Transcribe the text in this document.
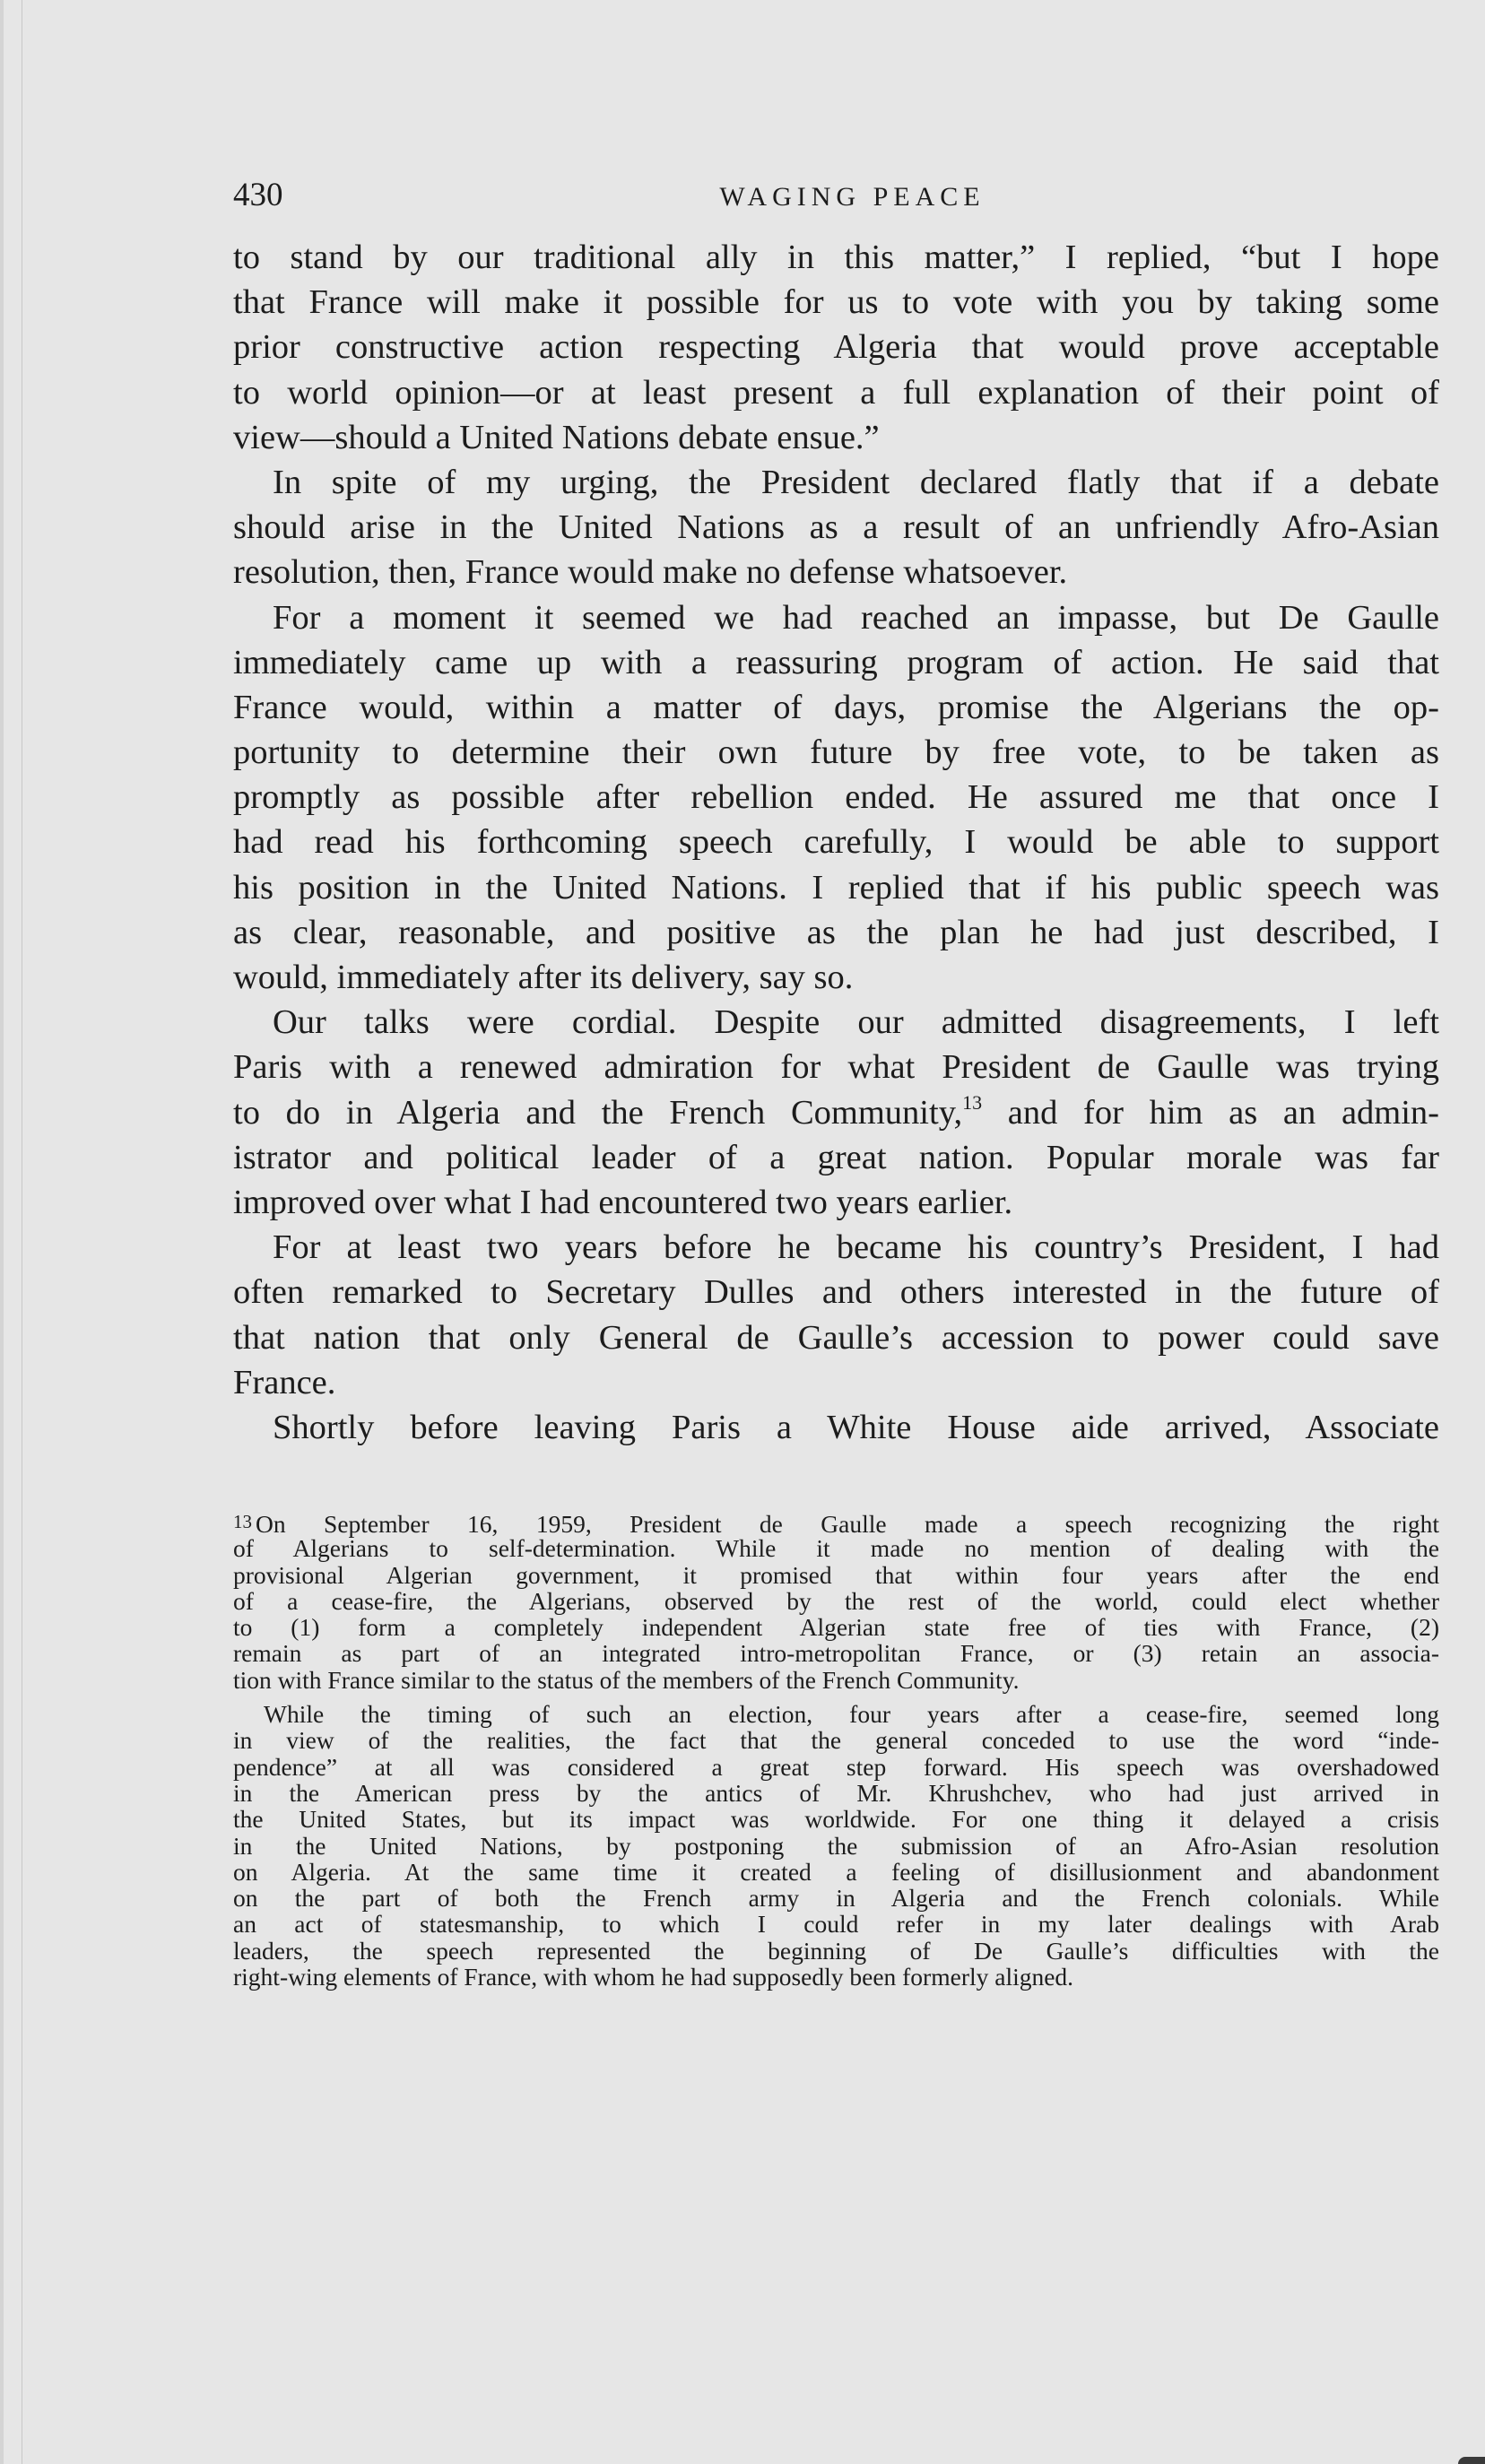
430	WAGING PEACE
to stand by our traditional ally in this matter,” I replied, “but I hope
that France will make it possible for us to vote with you by taking some
prior constructive action respecting Algeria that would prove acceptable
to world opinion—or at least present a full explanation of their point of
view—should a United Nations debate ensue.”
In spite of my urging, the President declared flatly that if a debate
should arise in the United Nations as a result of an unfriendly Afro-Asian
resolution, then, France would make no defense whatsoever.
For a moment it seemed we had reached an impasse, but De Gaulle
immediately came up with a reassuring program of action. He said that
France would, within a matter of days, promise the Algerians the op-
portunity to determine their own future by free vote, to be taken as
promptly as possible after rebellion ended. He assured me that once I
had read his forthcoming speech carefully, I would be able to support
his position in the United Nations. I replied that if his public speech was
as clear, reasonable, and positive as the plan he had just described, I
would, immediately after its delivery, say so.
Our talks were cordial. Despite our admitted disagreements, I left
Paris with a renewed admiration for what President de Gaulle was trying
to do in Algeria and the French Community,$^{13}$ and for him as an admin-
istrator and political leader of a great nation. Popular morale was far
improved over what I had encountered two years earlier.
For at least two years before he became his country’s President, I had
often remarked to Secretary Dulles and others interested in the future of
that nation that only General de Gaulle’s accession to power could save
France.
Shortly before leaving Paris a White House aide arrived, Associate
13 On September 16, 1959, President de Gaulle made a speech recognizing the right
of Algerians to self-determination. While it made no mention of dealing with the
provisional Algerian government, it promised that within four years after the end
of a cease-fire, the Algerians, observed by the rest of the world, could elect whether
to (1) form a completely independent Algerian state free of ties with France, (2)
remain as part of an integrated intro-metropolitan France, or (3) retain an associa-
tion with France similar to the status of the members of the French Community.
While the timing of such an election, four years after a cease-fire, seemed long
in view of the realities, the fact that the general conceded to use the word “inde-
pendence” at all was considered a great step forward. His speech was overshadowed
in the American press by the antics of Mr. Khrushchev, who had just arrived in
the United States, but its impact was worldwide. For one thing it delayed a crisis
in the United Nations, by postponing the submission of an Afro-Asian resolution
on Algeria. At the same time it created a feeling of disillusionment and abandonment
on the part of both the French army in Algeria and the French colonials. While
an act of statesmanship, to which I could refer in my later dealings with Arab
leaders, the speech represented the beginning of De Gaulle’s difficulties with the
right-wing elements of France, with whom he had supposedly been formerly aligned.
